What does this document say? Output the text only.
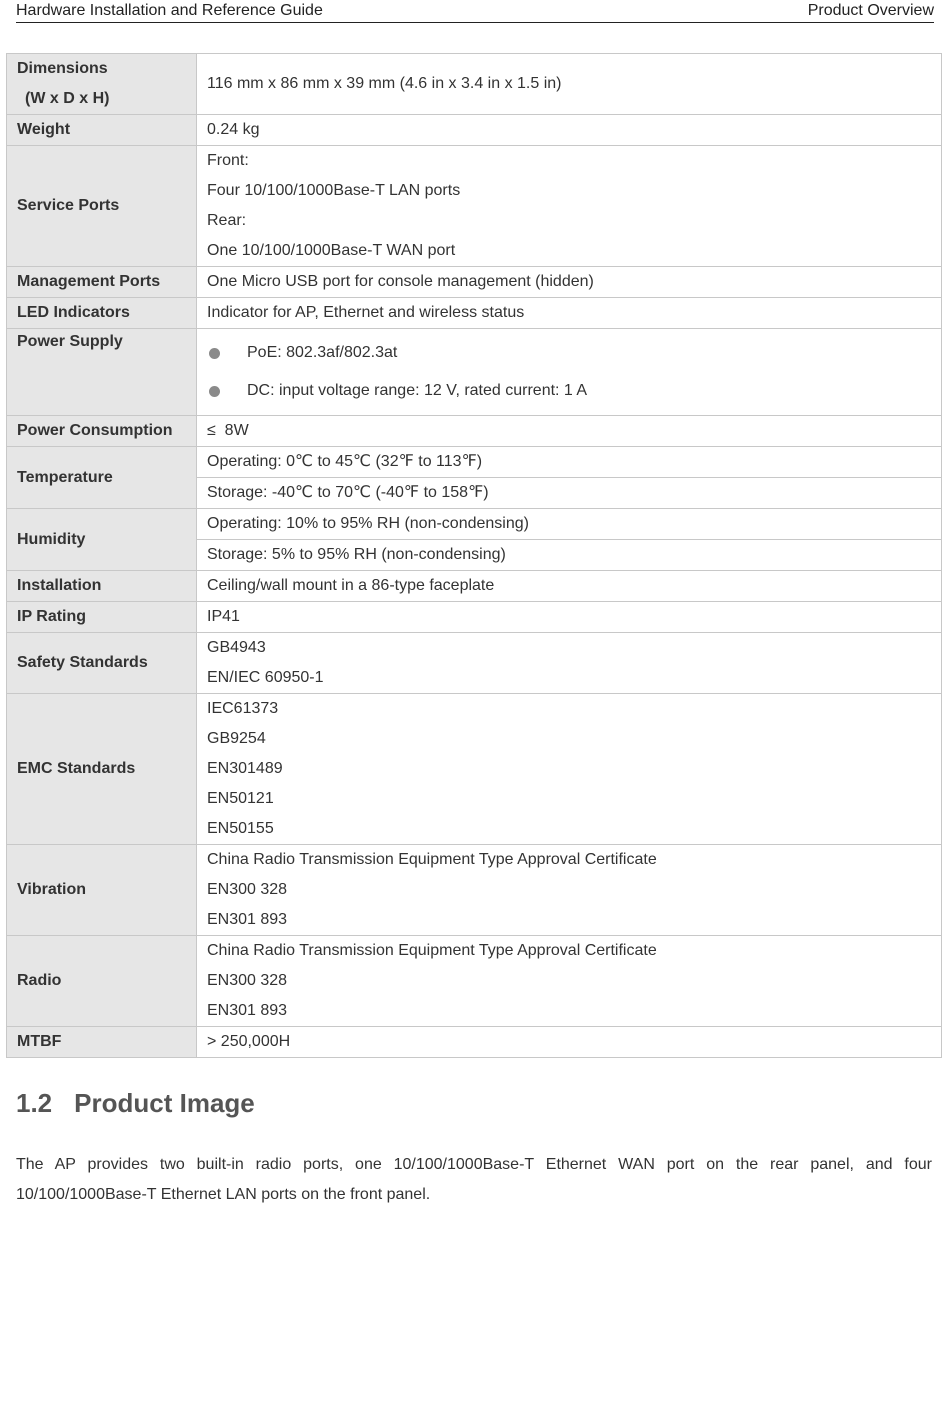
Hardware Installation and Reference Guide	Product Overview
Dimensions
(W x D x H)	116 mm x 86 mm x 39 mm (4.6 in x 3.4 in x 1.5 in)

Weight	0.24 kg

Service Ports	Front:
Four 10/100/1000Base-T LAN ports
Rear:
One 10/100/1000Base-T WAN port

Management Ports	One Micro USB port for console management (hidden)

LED Indicators	Indicator for AP, Ethernet and wireless status

Power Supply	PoE: 802.3af/802.3at
DC: input voltage range: 12 V, rated current: 1 A

Power Consumption	≤  8W

Temperature	Operating: 0℃ to 45℃ (32℉ to 113℉)

	Storage: -40℃ to 70℃ (-40℉ to 158℉)

Humidity	Operating: 10% to 95% RH (non-condensing)

	Storage: 5% to 95% RH (non-condensing)

Installation	Ceiling/wall mount in a 86-type faceplate

IP Rating	IP41

Safety Standards	GB4943
EN/IEC 60950-1

EMC Standards	IEC61373
GB9254
EN301489
EN50121
EN50155

Vibration	China Radio Transmission Equipment Type Approval Certificate
EN300 328
EN301 893

Radio	China Radio Transmission Equipment Type Approval Certificate
EN300 328
EN301 893

MTBF	> 250,000H
1.2 Product Image
The AP provides two built-in radio ports, one 10/100/1000Base-T Ethernet WAN port on the rear panel, and four 10/100/1000Base-T Ethernet LAN ports on the front panel.
